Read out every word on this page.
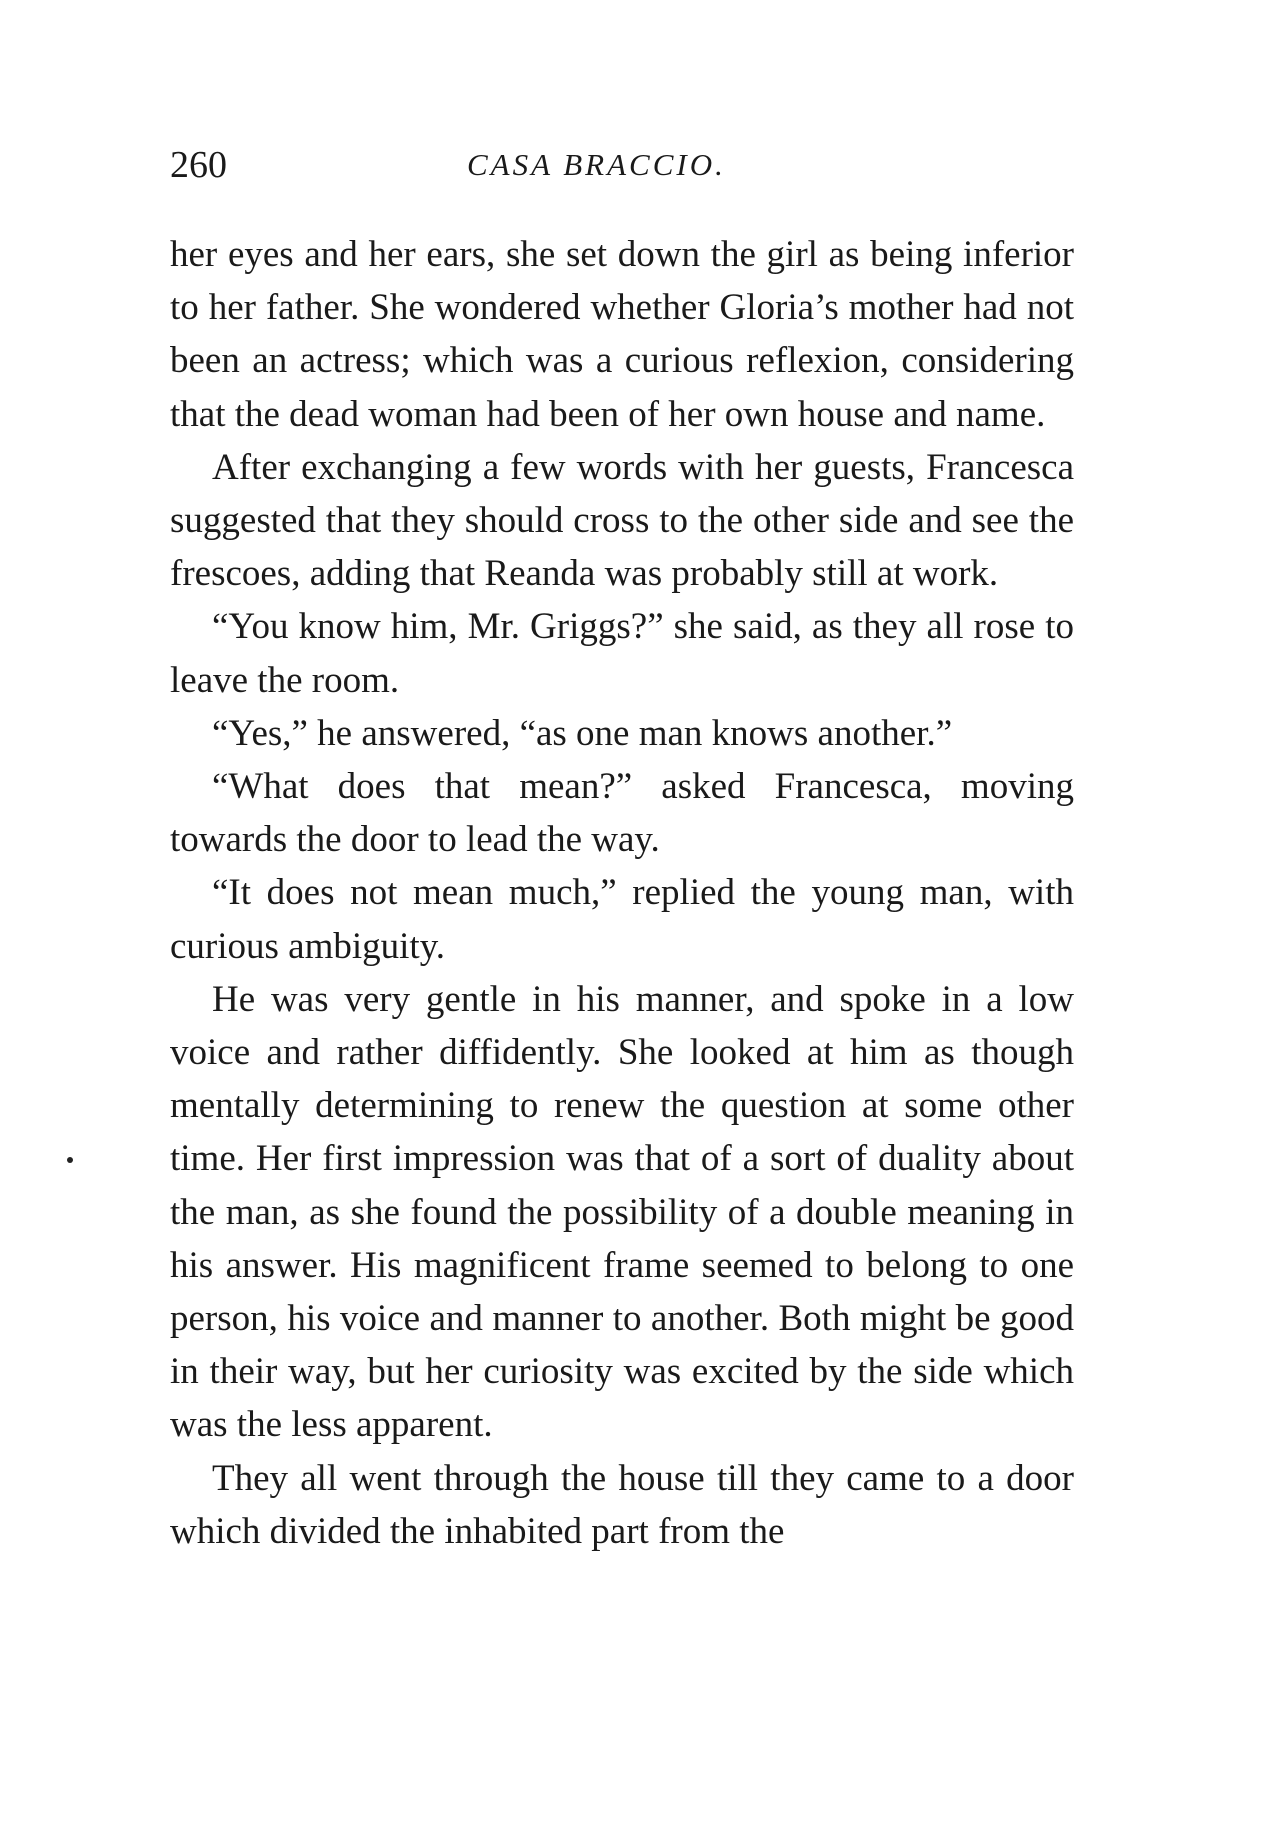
260	CASA BRACCIO.

her eyes and her ears, she set down the girl as being inferior to her father. She wondered whether Gloria’s mother had not been an actress; which was a curious reflexion, considering that the dead woman had been of her own house and name.

After exchanging a few words with her guests, Francesca suggested that they should cross to the other side and see the frescoes, adding that Reanda was probably still at work.

“You know him, Mr. Griggs?” she said, as they all rose to leave the room.

“Yes,” he answered, “as one man knows another.”

“What does that mean?” asked Francesca, moving towards the door to lead the way.

“It does not mean much,” replied the young man, with curious ambiguity.

He was very gentle in his manner, and spoke in a low voice and rather diffidently. She looked at him as though mentally determining to renew the question at some other time. Her first impression was that of a sort of duality about the man, as she found the possibility of a double meaning in his answer. His magnificent frame seemed to belong to one person, his voice and manner to another. Both might be good in their way, but her curiosity was excited by the side which was the less apparent.

They all went through the house till they came to a door which divided the inhabited part from the
